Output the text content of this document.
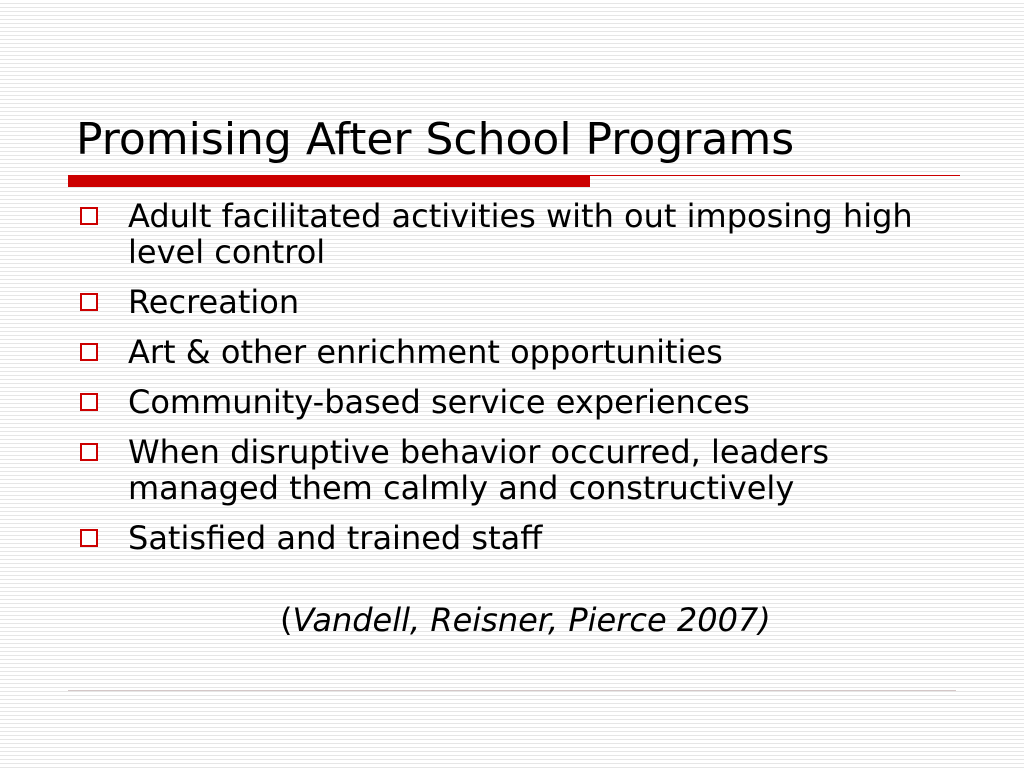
Promising After School Programs
Adult facilitated activities with out imposing high level control
Recreation
Art & other enrichment opportunities
Community-based service experiences
When disruptive behavior occurred, leaders managed them calmly and constructively
Satisfied and trained staff
(Vandell, Reisner, Pierce 2007)
